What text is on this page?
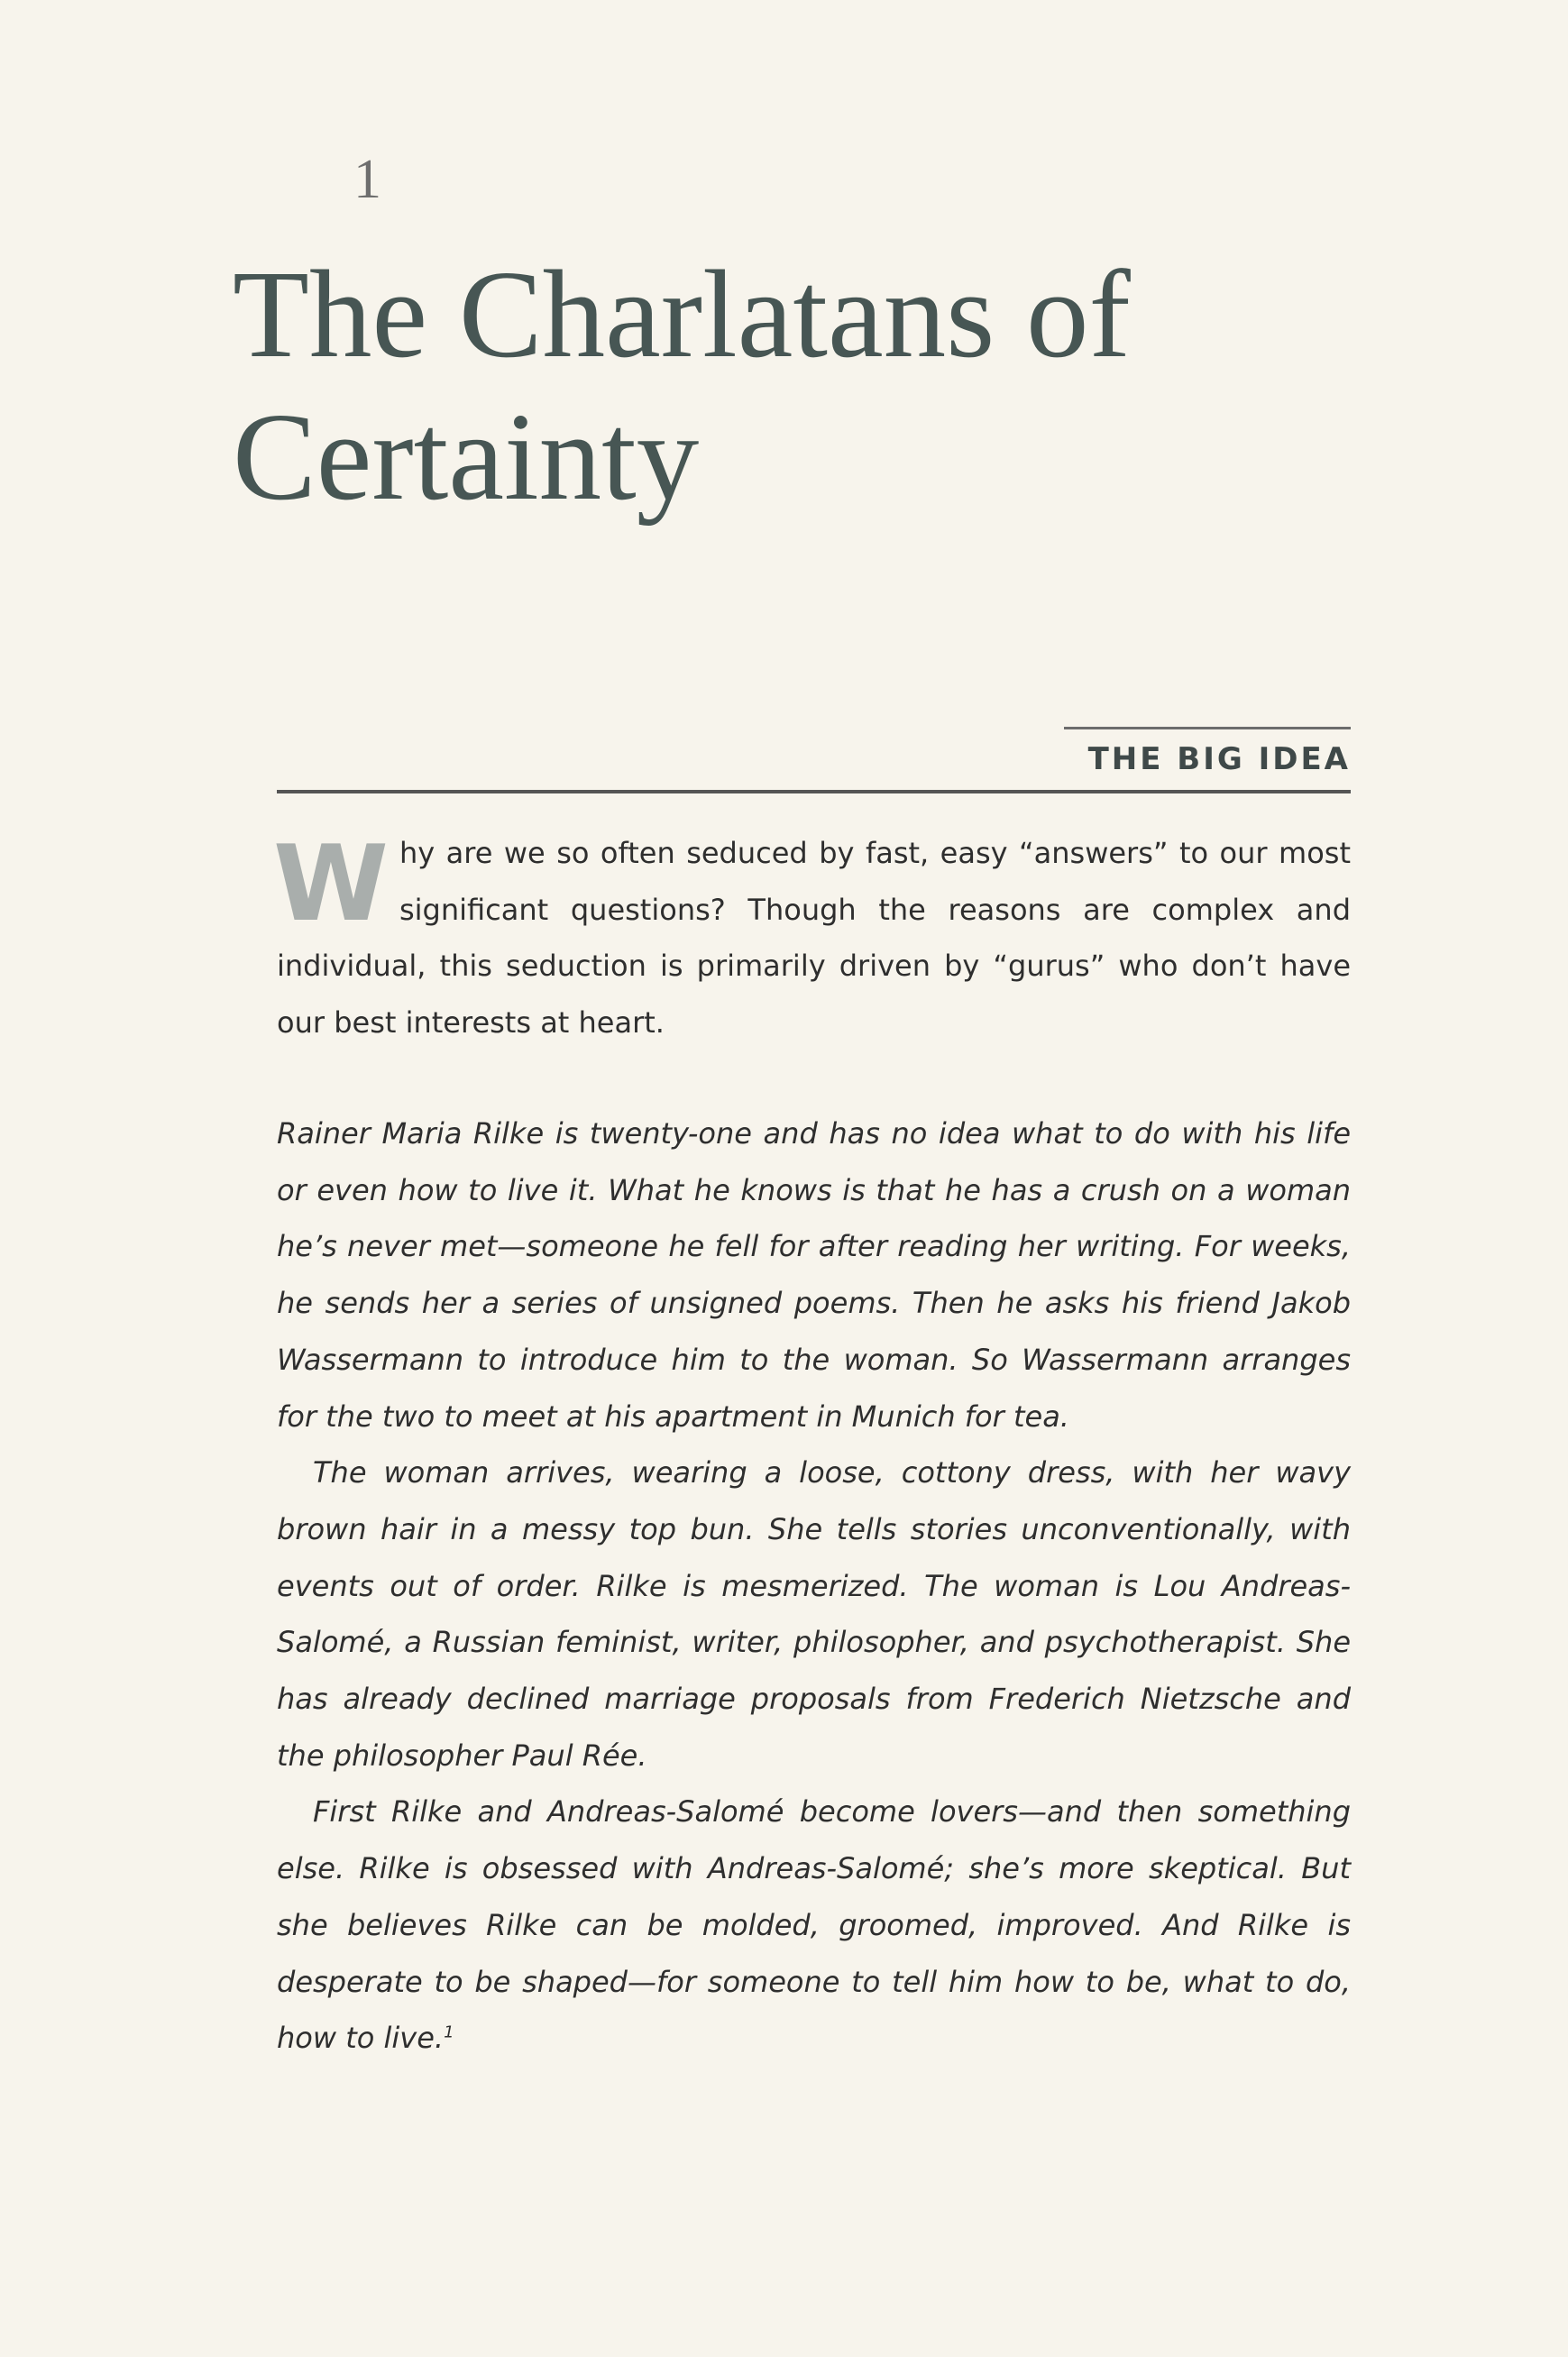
1
The Charlatans of Certainty
THE BIG IDEA

Why are we so often seduced by fast, easy “answers” to our most significant questions? Though the reasons are complex and individual, this seduction is primarily driven by “gurus” who don’t have our best interests at heart.

Rainer Maria Rilke is twenty-one and has no idea what to do with his life or even how to live it. What he knows is that he has a crush on a woman he’s never met—someone he fell for after reading her writing. For weeks, he sends her a series of unsigned poems. Then he asks his friend Jakob Wassermann to introduce him to the woman. So Wassermann arranges for the two to meet at his apartment in Munich for tea.

The woman arrives, wearing a loose, cottony dress, with her wavy brown hair in a messy top bun. She tells stories unconventionally, with events out of order. Rilke is mesmerized. The woman is Lou Andreas-Salomé, a Russian feminist, writer, philosopher, and psychotherapist. She has already declined marriage proposals from Frederich Nietzsche and the philosopher Paul Rée.

First Rilke and Andreas-Salomé become lovers—and then something else. Rilke is obsessed with Andreas-Salomé; she’s more skeptical. But she believes Rilke can be molded, groomed, improved. And Rilke is desperate to be shaped—for someone to tell him how to be, what to do, how to live.$^1$
